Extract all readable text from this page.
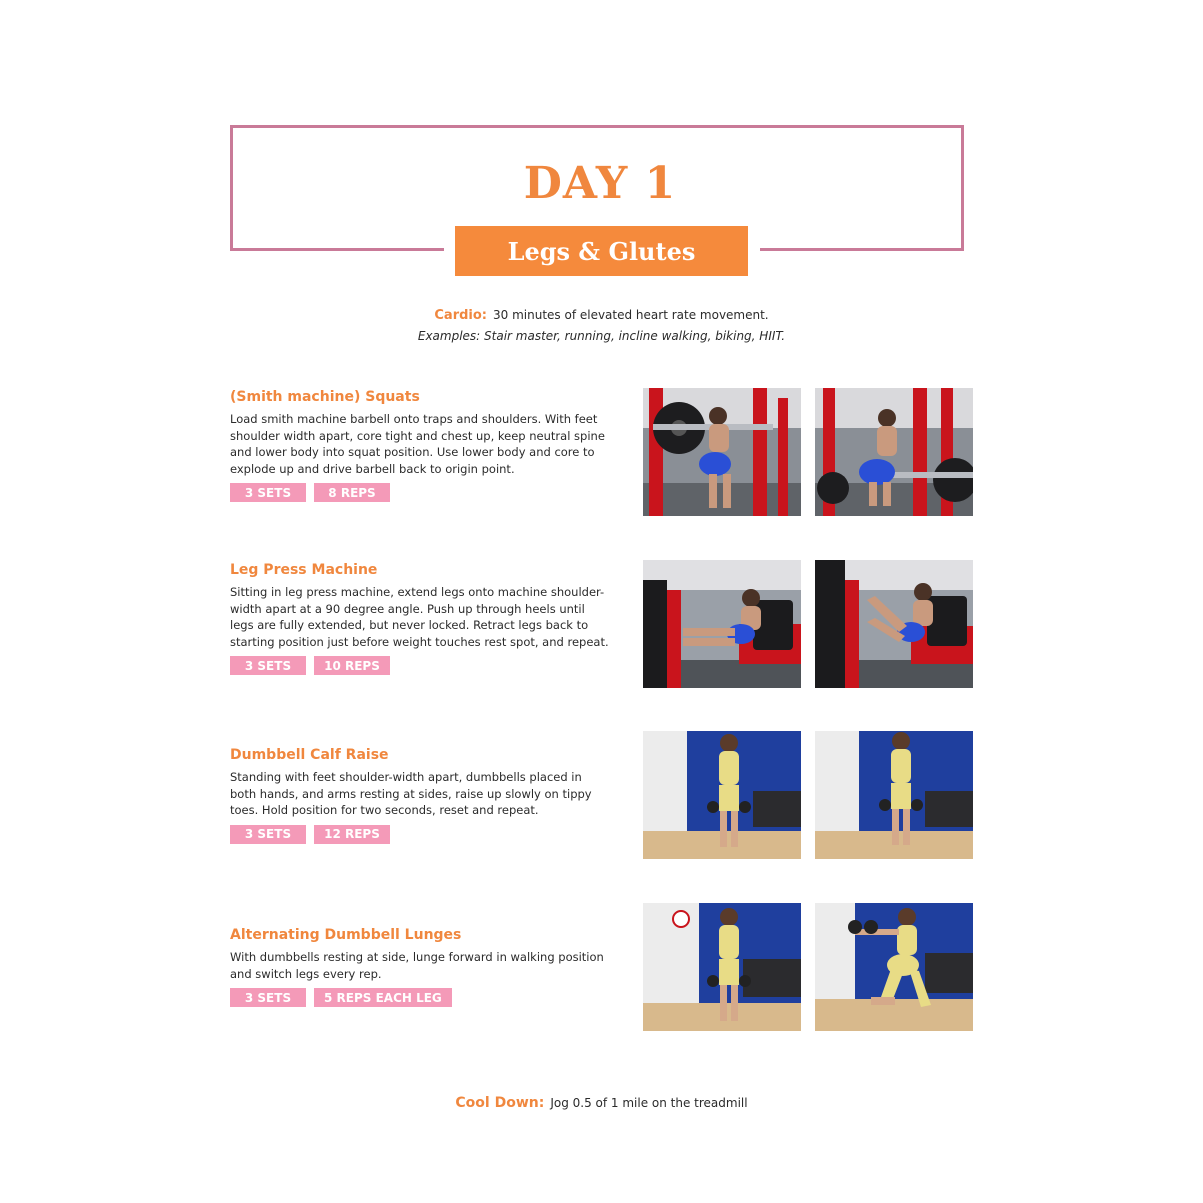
DAY 1
Legs & Glutes
Cardio: 30 minutes of elevated heart rate movement.
Examples: Stair master, running, incline walking, biking, HIIT.

(Smith machine) Squats

Load smith machine barbell onto traps and shoulders. With feet shoulder width apart, core tight and chest up, keep neutral spine and lower body into squat position. Use lower body and core to explode up and drive barbell back to origin point.

3 SETS	8 REPS

Leg Press Machine

Sitting in leg press machine, extend legs onto machine shoulder-width apart at a 90 degree angle. Push up through heels until legs are fully extended, but never locked. Retract legs back to starting position just before weight touches rest spot, and repeat.

3 SETS	10 REPS

Dumbbell Calf Raise

Standing with feet shoulder-width apart, dumbbells placed in both hands, and arms resting at sides, raise up slowly on tippy toes. Hold position for two seconds, reset and repeat.

3 SETS	12 REPS

Alternating Dumbbell Lunges

With dumbbells resting at side, lunge forward in walking position and switch legs every rep.

3 SETS	5 REPS EACH LEG
Cool Down: Jog 0.5 of 1 mile on the treadmill
